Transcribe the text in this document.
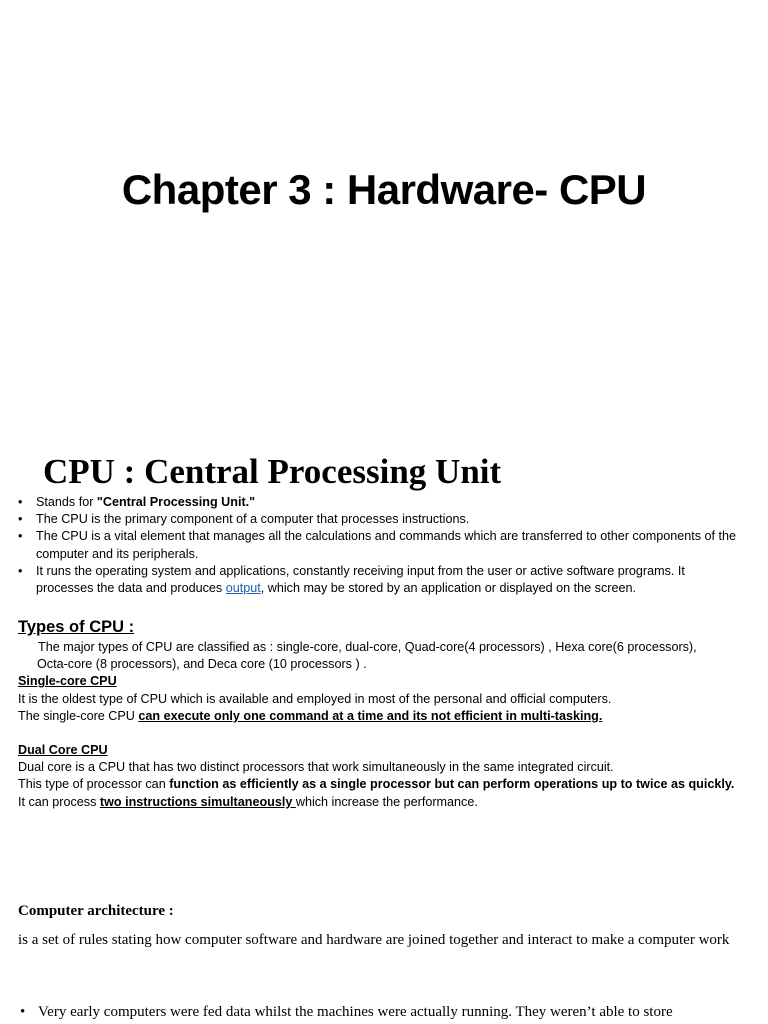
Chapter 3 : Hardware- CPU
CPU : Central Processing Unit
• Stands for "Central Processing Unit."
• The CPU is the primary component of a computer that processes instructions.
• The CPU is a vital element that manages all the calculations and commands which are transferred to other components of the computer and its peripherals.
• It runs the operating system and applications, constantly receiving input from the user or active software programs. It processes the data and produces output, which may be stored by an application or displayed on the screen.
Types of CPU :
The major types of CPU are classified as : single-core, dual-core, Quad-core(4 processors) , Hexa core(6 processors),
Octa-core (8 processors), and Deca core (10 processors ) .
Single-core CPU
It is the oldest type of CPU which is available and employed in most of the personal and official computers.
The single-core CPU can execute only one command at a time and its not efficient in multi-tasking.
Dual Core CPU
Dual core is a CPU that has two distinct processors that work simultaneously in the same integrated circuit.
This type of processor can function as efficiently as a single processor but can perform operations up to twice as quickly.
It can process two instructions simultaneously which increase the performance.
Computer architecture :
is a set of rules stating how computer software and hardware are joined together and interact to make a computer work
• Very early computers were fed data whilst the machines were actually running. They weren’t able to store
